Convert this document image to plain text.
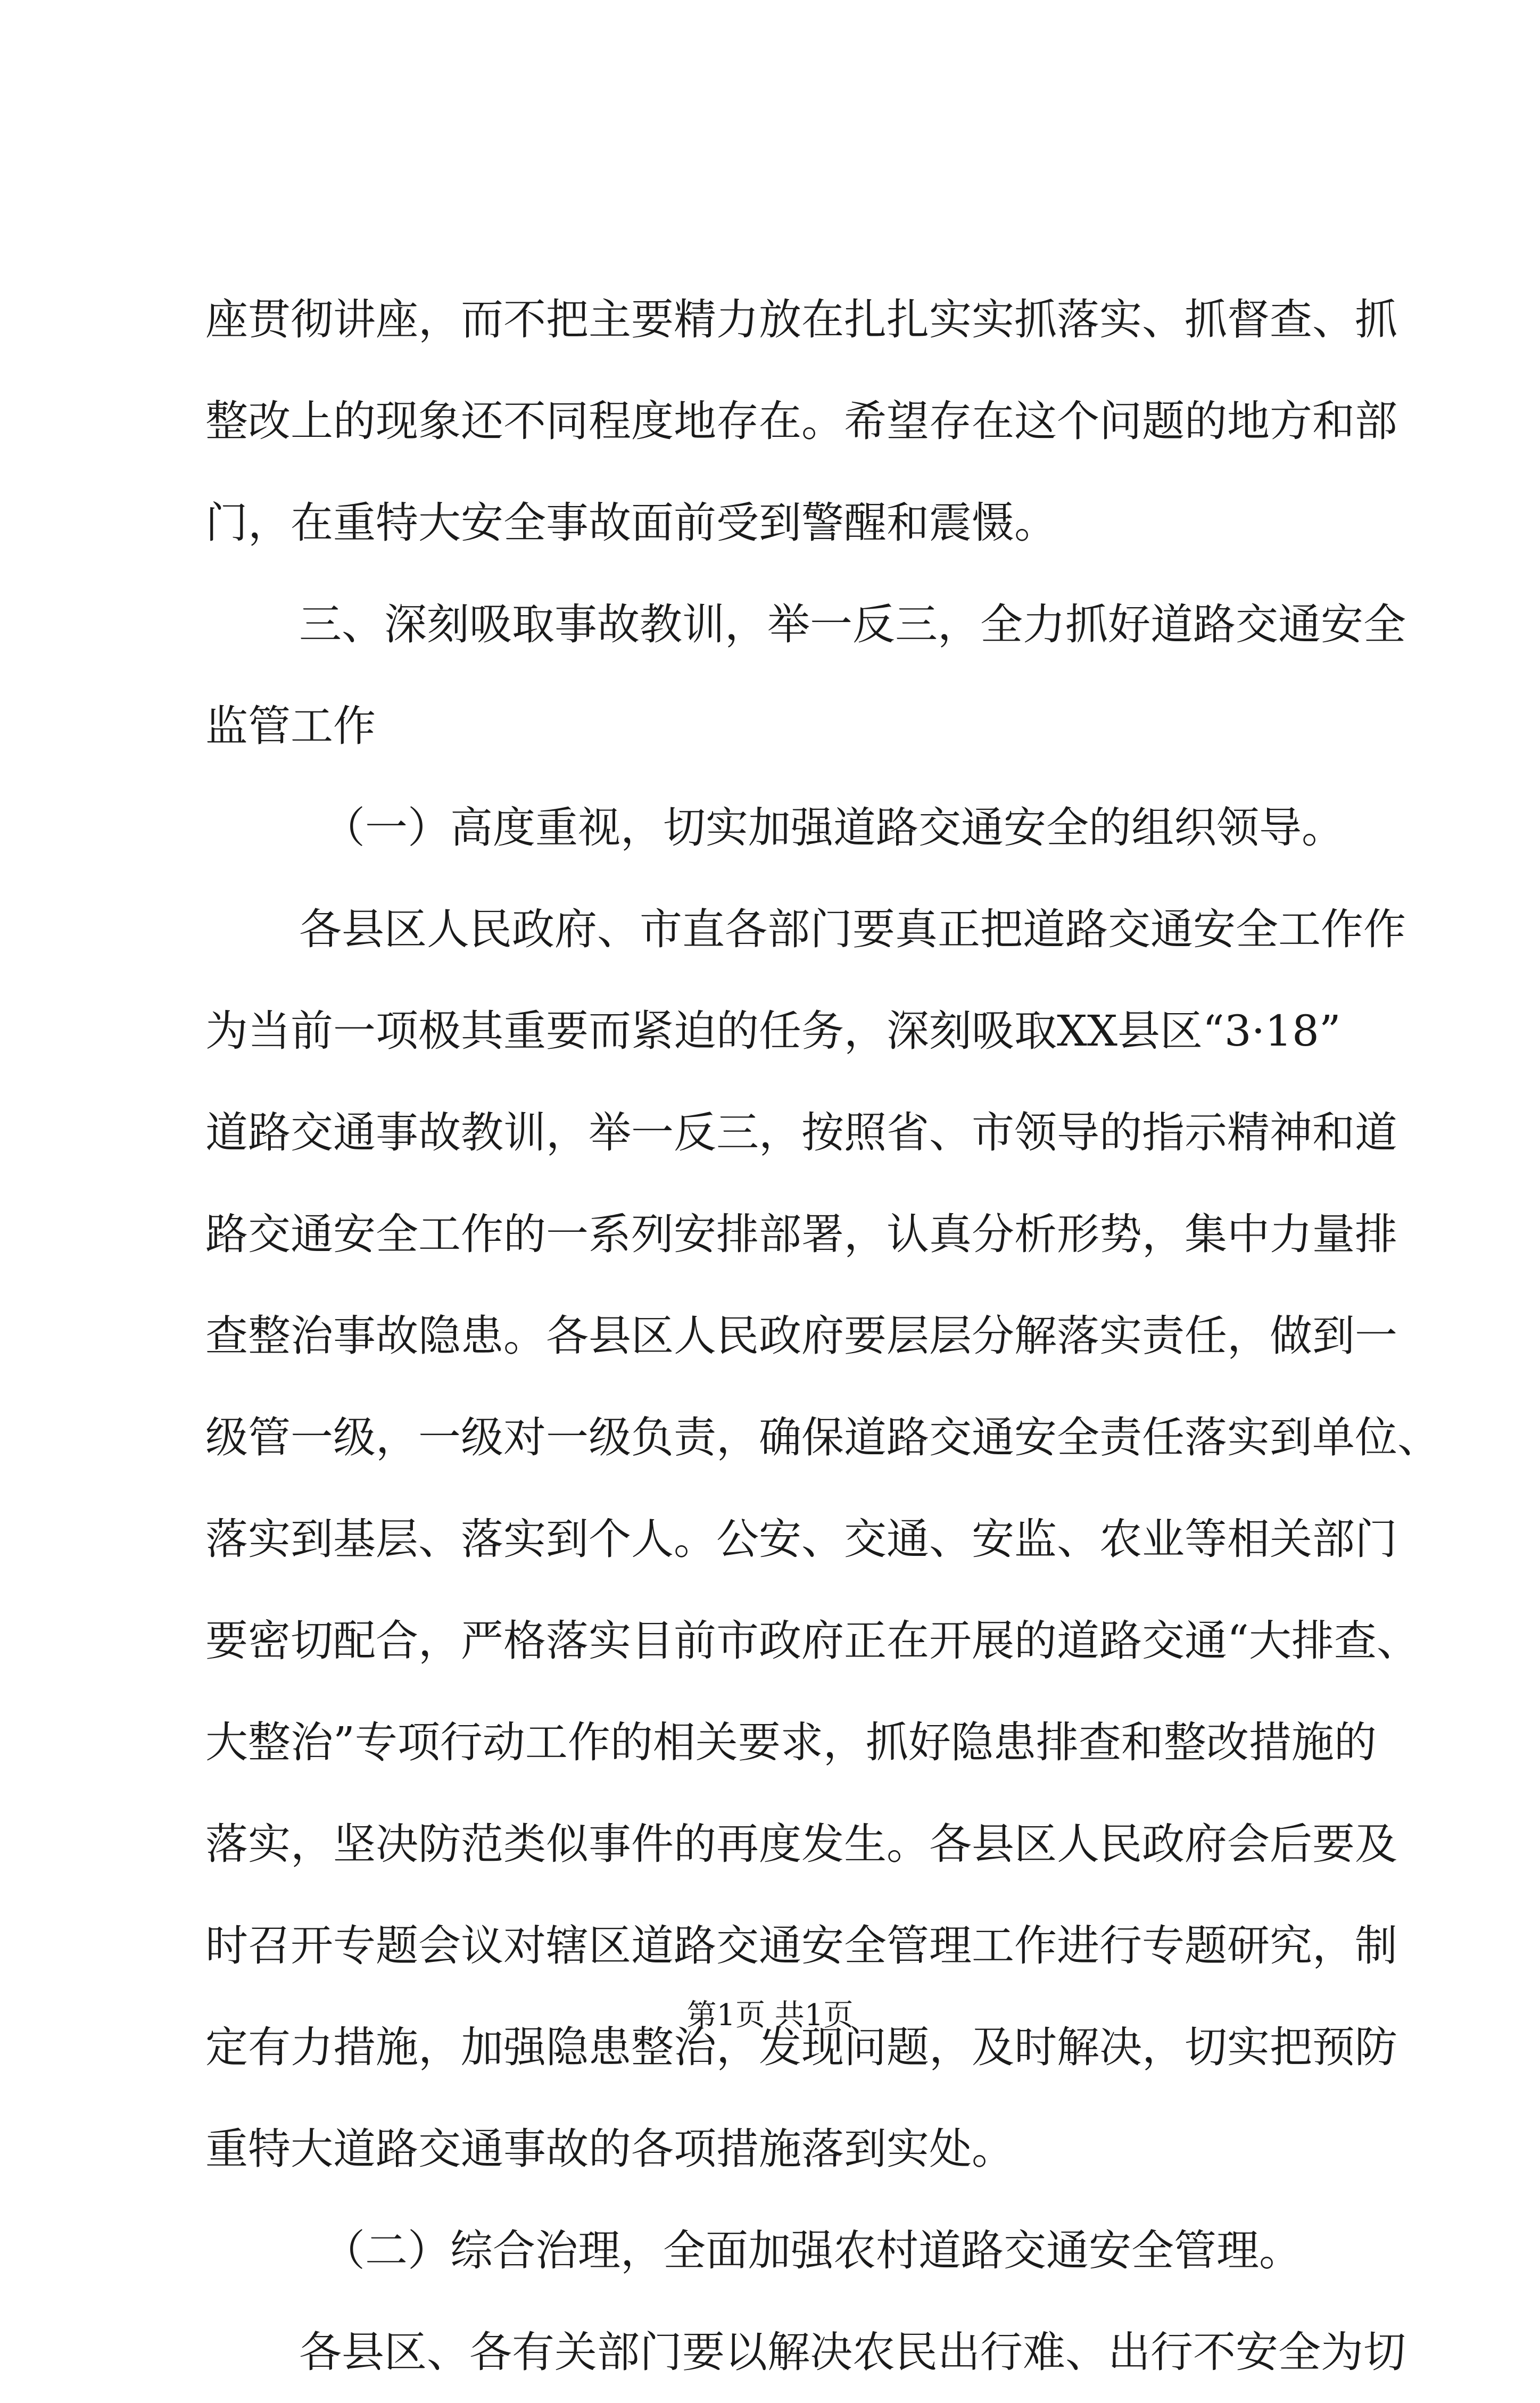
座贯彻讲座，而不把主要精力放在扎扎实实抓落实、抓督查、抓
整改上的现象还不同程度地存在。希望存在这个问题的地方和部
门，在重特大安全事故面前受到警醒和震慑。
三、深刻吸取事故教训，举一反三，全力抓好道路交通安全
监管工作
（一）高度重视，切实加强道路交通安全的组织领导。
各县区人民政府、市直各部门要真正把道路交通安全工作作
为当前一项极其重要而紧迫的任务，深刻吸取XX县区“3·18”
道路交通事故教训，举一反三，按照省、市领导的指示精神和道
路交通安全工作的一系列安排部署，认真分析形势，集中力量排
查整治事故隐患。各县区人民政府要层层分解落实责任，做到一
级管一级，一级对一级负责，确保道路交通安全责任落实到单位、
落实到基层、落实到个人。公安、交通、安监、农业等相关部门
要密切配合，严格落实目前市政府正在开展的道路交通“大排查、
大整治”专项行动工作的相关要求，抓好隐患排查和整改措施的
落实，坚决防范类似事件的再度发生。各县区人民政府会后要及
时召开专题会议对辖区道路交通安全管理工作进行专题研究，制
定有力措施，加强隐患整治，发现问题，及时解决，切实把预防
重特大道路交通事故的各项措施落到实处。
（二）综合治理，全面加强农村道路交通安全管理。
各县区、各有关部门要以解决农民出行难、出行不安全为切
第1页 共1页
